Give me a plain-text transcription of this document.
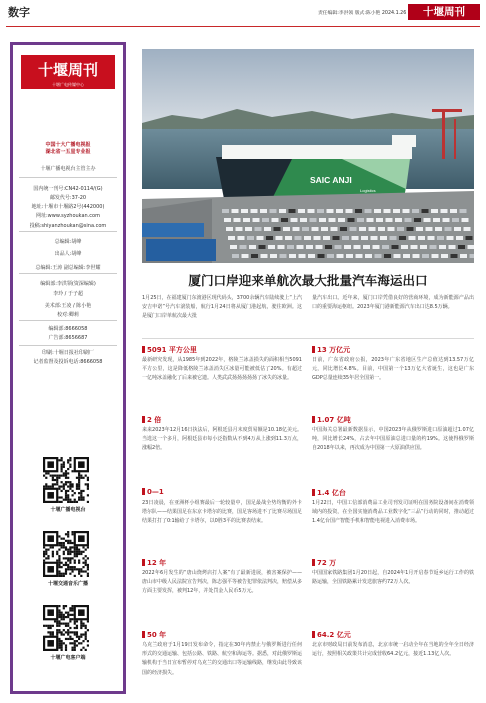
数字	责任编辑:李洪领 版式:陈小艳 2024.1.26	十堰周刊
十堰周刊
十堰广电传媒中心
中国十大广播电视报
湖北省一五星专业报
十堰广播电视台主管主办
国内统一刊号:CN42-0114/(G)
邮发代号:37-20
地址:十堰市十堰路2号(442000)
网址:www.syzhoukan.com
投稿:shiyanzhoukan@sina.com
总编辑:胡峰
出品人:胡峰
总编辑:王涛 副总编辑:李世耀
编辑部:李洪领(资深编辑)
李玲 / 于子超
美术部:王凌 / 陈小艳
校对:卿莉
编辑部:8666058
广告部:8656687
印刷:十堰日报社印刷厂
记者监督及投诉电话:8666058
十堰广播电视台
十堰交通音乐广播
十堰广电客户端
SAIC ANJI
Logistics
厦门口岸迎来单航次最大批量汽车海运出口
1月25日，在福建厦门东渡港区现代码头，3700余辆汽车陆续驶上“上汽安吉申诺”号汽车滚装船，航行1月24日将从厦门港起航，驶往欧洲。这是厦门口岸单航次最大批
量汽车出口。近年来，厦门口岸凭借良好的营商环境，成为新能源产品出口的重要海运枢纽。2023年厦门港新能源汽车出口达8.5万辆。
5091 平方公里
最新研究发现，从1985年到2022年，格陵兰冰盖损失的面积相当5091平方公里，这是降低格陵兰冰盖消失区冰量可能被低估了20%。有超过一亿吨冰盖融化了后来被它遗。人类武武扬扬扬扬扬了冰失的冰量。
2 倍
来来2023年12月16日执法后，阿根廷县月末度贸易额是10.18亿美元。当选这一个多月，阿根廷县市每小泛指数从不到4万从上涨到11.3万点，涨幅2倍。
0—1
23日凌晨，在亚洲杯小组赛最后一轮较量中，国足最战全势均衡的外卡塔尔队——结果国足在东京卡塔尔的比赛，国足客场进不了比赛尽场国足结果打打了0∶1输给了卡塔尔，以0胜3平的比赛表结束。
12 年
2022年6月发生的“唐山烧烤店打人案”有了最新进展，被害案保护——唐山市中级人民法院宣告判决，陈志强平等被告犯罪依法判决，赔偿从多方面主要发挥，被判12年，并处罚金人民币5万元。
50 年
乌克兰政府于1月19日发布命令，指定在30年内禁止与俄罗斯进行任何形式的交通运输、包括公路、铁路、航空和海运等。据悉，对此俄罗斯运输机构于当日宣布暂停对乌克兰的交通出口等运输线路，继发由此导致该国的经济损失。
13 万亿元
日前，广东省政府公报，2023年广东省地区生产总值达到13.57万亿元，同比增长4.8%。目前，中国第一个13万亿大省诞生，这也是广东GDP总量连续35年居全国第一。
1.07 亿吨
中国海关总署最新数据显示，中国2023年从俄罗斯进口原油超过1.07亿吨，同比增长24%，占去年中国原油总进口量的约19%。这使得俄罗斯自2018年以来，再次成为中国第一大原油供应国。
1.4 亿台
1月22日，中国工信部消费品工业司刊发司证明在国务院设备间在消费领域内的投资，在全国实施消费品工业数字化“三品”行动的同时，推动超过1.4亿台国产智能手机和智能电视进入消费市场。
72 万
中国国家铁路集团1月20日起，自2024年1月开启春节返乡运行工作的铁路运输，全国铁路累计发送旅客约72万人次。
64.2 亿元
北京市财政局日前发布消息，北京市统一启动全年在当地的全年全日经济运行，按照相关政策共计完成营收64.2亿元，接近1.13亿人次。
